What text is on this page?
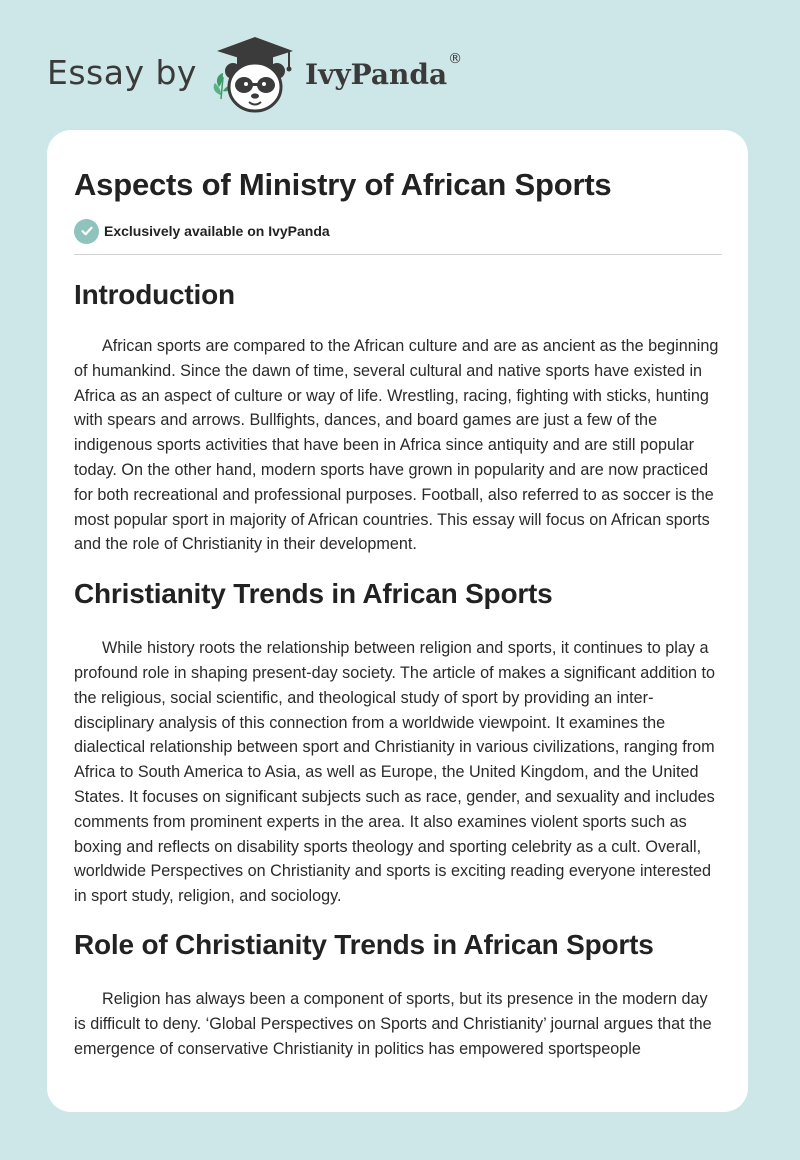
Essay by	IvyPanda ®
Aspects of Ministry of African Sports
Exclusively available on IvyPanda
Introduction

African sports are compared to the African culture and are as ancient as the beginning of humankind. Since the dawn of time, several cultural and native sports have existed in Africa as an aspect of culture or way of life. Wrestling, racing, fighting with sticks, hunting with spears and arrows. Bullfights, dances, and board games are just a few of the indigenous sports activities that have been in Africa since antiquity and are still popular today. On the other hand, modern sports have grown in popularity and are now practiced for both recreational and professional purposes. Football, also referred to as soccer is the most popular sport in majority of African countries. This essay will focus on African sports and the role of Christianity in their development.

Christianity Trends in African Sports

While history roots the relationship between religion and sports, it continues to play a profound role in shaping present-day society. The article of makes a significant addition to the religious, social scientific, and theological study of sport by providing an inter-disciplinary analysis of this connection from a worldwide viewpoint. It examines the dialectical relationship between sport and Christianity in various civilizations, ranging from Africa to South America to Asia, as well as Europe, the United Kingdom, and the United States. It focuses on significant subjects such as race, gender, and sexuality and includes comments from prominent experts in the area. It also examines violent sports such as boxing and reflects on disability sports theology and sporting celebrity as a cult. Overall, worldwide Perspectives on Christianity and sports is exciting reading everyone interested in sport study, religion, and sociology.

Role of Christianity Trends in African Sports

Religion has always been a component of sports, but its presence in the modern day is difficult to deny. ‘Global Perspectives on Sports and Christianity’ journal argues that the emergence of conservative Christianity in politics has empowered sportspeople
